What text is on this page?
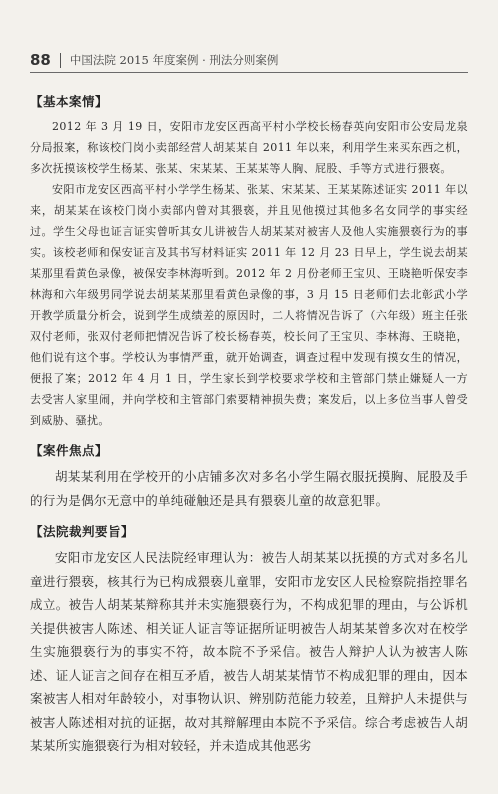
88	中国法院 2015 年度案例 · 刑法分则案例
【基本案情】

2012 年 3 月 19 日，安阳市龙安区西高平村小学校长杨春英向安阳市公安局龙泉分局报案，称该校门岗小卖部经营人胡某某自 2011 年以来，利用学生来买东西之机，多次抚摸该校学生杨某、张某、宋某某、王某某等人胸、屁股、手等方式进行猥亵。

安阳市龙安区西高平村小学学生杨某、张某、宋某某、王某某陈述证实 2011 年以来，胡某某在该校门岗小卖部内曾对其猥亵，并且见他摸过其他多名女同学的事实经过。学生父母也证言证实曾听其女儿讲被告人胡某某对被害人及他人实施猥亵行为的事实。该校老师和保安证言及其书写材料证实 2011 年 12 月 23 日早上，学生说去胡某某那里看黄色录像，被保安李林海听到。2012 年 2 月份老师王宝贝、王晓艳听保安李林海和六年级男同学说去胡某某那里看黄色录像的事，3 月 15 日老师们去北彰武小学开教学质量分析会，说到学生成绩差的原因时，二人将情况告诉了（六年级）班主任张双付老师，张双付老师把情况告诉了校长杨春英，校长问了王宝贝、李林海、王晓艳，他们说有这个事。学校认为事情严重，就开始调查，调查过程中发现有摸女生的情况，便报了案；2012 年 4 月 1 日，学生家长到学校要求学校和主管部门禁止嫌疑人一方去受害人家里闹，并向学校和主管部门索要精神损失费；案发后，以上多位当事人曾受到威胁、骚扰。

【案件焦点】

胡某某利用在学校开的小店铺多次对多名小学生隔衣服抚摸胸、屁股及手的行为是偶尔无意中的单纯碰触还是具有猥亵儿童的故意犯罪。

【法院裁判要旨】

安阳市龙安区人民法院经审理认为：被告人胡某某以抚摸的方式对多名儿童进行猥亵，核其行为已构成猥亵儿童罪，安阳市龙安区人民检察院指控罪名成立。被告人胡某某辩称其并未实施猥亵行为，不构成犯罪的理由，与公诉机关提供被害人陈述、相关证人证言等证据所证明被告人胡某某曾多次对在校学生实施猥亵行为的事实不符，故本院不予采信。被告人辩护人认为被害人陈述、证人证言之间存在相互矛盾，被告人胡某某情节不构成犯罪的理由，因本案被害人相对年龄较小，对事物认识、辨别防范能力较差，且辩护人未提供与被害人陈述相对抗的证据，故对其辩解理由本院不予采信。综合考虑被告人胡某某所实施猥亵行为相对较轻，并未造成其他恶劣
